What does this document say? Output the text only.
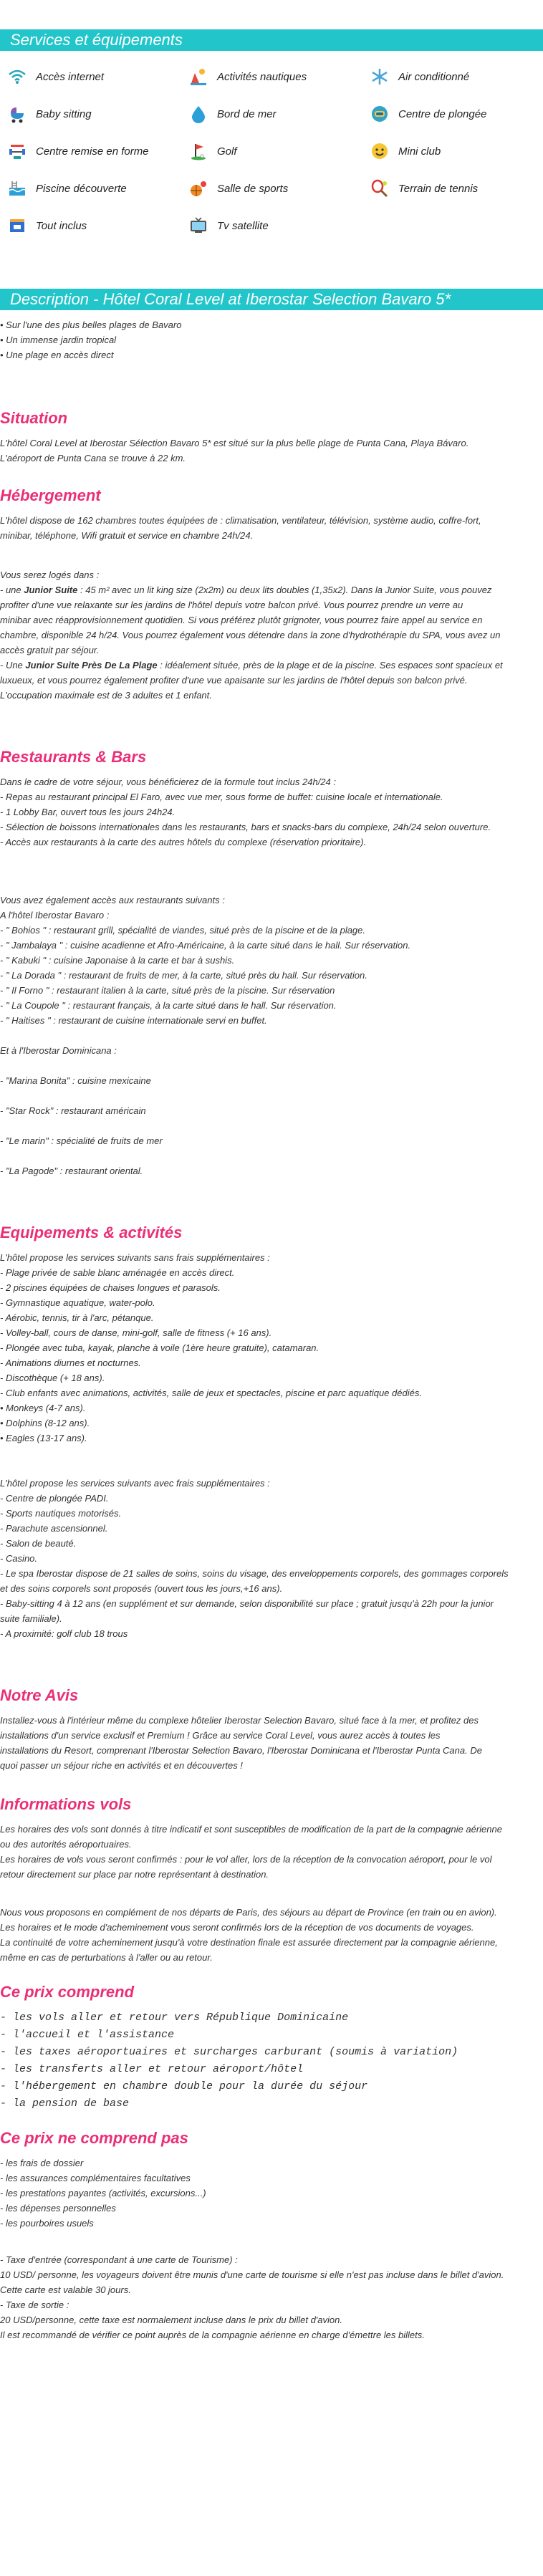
Services et équipements
Accès internet	Activités nautiques	Air conditionné
Baby sitting	Bord de mer	Centre de plongée
Centre remise en forme	Golf	Mini club
Piscine découverte	Salle de sports	Terrain de tennis
Tout inclus	Tv satellite
Description - Hôtel Coral Level at Iberostar Selection Bavaro 5*

• Sur l'une des plus belles plages de Bavaro

• Un immense jardin tropical

• Une plage en accès direct

Situation

L'hôtel Coral Level at Iberostar Sélection Bavaro 5* est situé sur la plus belle plage de Punta Cana, Playa Bávaro.

L'aéroport de Punta Cana se trouve à 22 km.

Hébergement

L'hôtel dispose de 162 chambres toutes équipées de : climatisation, ventilateur, télévision, système audio, coffre-fort,

minibar, téléphone, Wifi gratuit et service en chambre 24h/24.

Vous serez logés dans :

- une Junior Suite : 45 m² avec un lit king size (2x2m) ou deux lits doubles (1,35x2). Dans la Junior Suite, vous pouvez

profiter d'une vue relaxante sur les jardins de l'hôtel depuis votre balcon privé. Vous pourrez prendre un verre au

minibar avec réapprovisionnement quotidien. Si vous préférez plutôt grignoter, vous pourrez faire appel au service en

chambre, disponible 24 h/24. Vous pourrez également vous détendre dans la zone d'hydrothérapie du SPA, vous avez un

accès gratuit par séjour.

- Une Junior Suite Près De La Plage : idéalement située, près de la plage et de la piscine. Ses espaces sont spacieux et

luxueux, et vous pourrez également profiter d'une vue apaisante sur les jardins de l'hôtel depuis son balcon privé.

L'occupation maximale est de 3 adultes et 1 enfant.

Restaurants & Bars

Dans le cadre de votre séjour, vous bénéficierez de la formule tout inclus 24h/24 :

- Repas au restaurant principal El Faro, avec vue mer, sous forme de buffet: cuisine locale et internationale.

- 1 Lobby Bar, ouvert tous les jours 24h24.

- Sélection de boissons internationales dans les restaurants, bars et snacks-bars du complexe, 24h/24 selon ouverture.

- Accès aux restaurants à la carte des autres hôtels du complexe (réservation prioritaire).

Vous avez également accès aux restaurants suivants :

A l'hôtel Iberostar Bavaro :

- " Bohios " : restaurant grill, spécialité de viandes, situé près de la piscine et de la plage.

- " Jambalaya " : cuisine acadienne et Afro-Américaine, à la carte situé dans le hall. Sur réservation.

- " Kabuki " : cuisine Japonaise à la carte et bar à sushis.

- " La Dorada " : restaurant de fruits de mer, à la carte, situé près du hall. Sur réservation.

- " Il Forno " : restaurant italien à la carte, situé près de la piscine. Sur réservation

- " La Coupole " : restaurant français, à la carte situé dans le hall. Sur réservation.

- " Haitises " : restaurant de cuisine internationale servi en buffet.

Et à l'Iberostar Dominicana :

- "Marina Bonita" : cuisine mexicaine

- "Star Rock" : restaurant américain

- "Le marin" : spécialité de fruits de mer

- "La Pagode" : restaurant oriental.

Equipements & activités

L'hôtel propose les services suivants sans frais supplémentaires :

- Plage privée de sable blanc aménagée en accès direct.

- 2 piscines équipées de chaises longues et parasols.

- Gymnastique aquatique, water-polo.

- Aérobic, tennis, tir à l'arc, pétanque.

- Volley-ball, cours de danse, mini-golf, salle de fitness (+ 16 ans).

- Plongée avec tuba, kayak, planche à voile (1ère heure gratuite), catamaran.

- Animations diurnes et nocturnes.

- Discothèque (+ 18 ans).

- Club enfants avec animations, activités, salle de jeux et spectacles, piscine et parc aquatique dédiés.

• Monkeys (4-7 ans).

• Dolphins (8-12 ans).

• Eagles (13-17 ans).

L'hôtel propose les services suivants avec frais supplémentaires :

- Centre de plongée PADI.

- Sports nautiques motorisés.

- Parachute ascensionnel.

- Salon de beauté.

- Casino.

- Le spa Iberostar dispose de 21 salles de soins, soins du visage, des enveloppements corporels, des gommages corporels

et des soins corporels sont proposés (ouvert tous les jours,+16 ans).

- Baby-sitting 4 à 12 ans (en supplément et sur demande, selon disponibilité sur place ; gratuit jusqu'à 22h pour la junior

suite familiale).

- A proximité: golf club 18 trous

Notre Avis

Installez-vous à l'intérieur même du complexe hôtelier Iberostar Selection Bavaro, situé face à la mer, et profitez des

installations d'un service exclusif et Premium ! Grâce au service Coral Level, vous aurez accès à toutes les

installations du Resort, comprenant l'Iberostar Selection Bavaro, l'Iberostar Dominicana et l'Iberostar Punta Cana. De

quoi passer un séjour riche en activités et en découvertes !

Informations vols

Les horaires des vols sont donnés à titre indicatif et sont susceptibles de modification de la part de la compagnie aérienne

ou des autorités aéroportuaires.

Les horaires de vols vous seront confirmés : pour le vol aller, lors de la réception de la convocation aéroport, pour le vol

retour directement sur place par notre représentant à destination.

Nous vous proposons en complément de nos départs de Paris, des séjours au départ de Province (en train ou en avion).

Les horaires et le mode d'acheminement vous seront confirmés lors de la réception de vos documents de voyages.

La continuité de votre acheminement jusqu'à votre destination finale est assurée directement par la compagnie aérienne,

même en cas de perturbations à l'aller ou au retour.

Ce prix comprend

- les vols aller et retour vers République Dominicaine

- l'accueil et l'assistance

- les taxes aéroportuaires et surcharges carburant (soumis à variation)

- les transferts aller et retour aéroport/hôtel

- l'hébergement en chambre double pour la durée du séjour

- la pension de base

Ce prix ne comprend pas

- les frais de dossier

- les assurances complémentaires facultatives

- les prestations payantes (activités, excursions...)

- les dépenses personnelles

- les pourboires usuels

- Taxe d'entrée (correspondant à une carte de Tourisme) :

10 USD/ personne, les voyageurs doivent être munis d'une carte de tourisme si elle n'est pas incluse dans le billet d'avion.

Cette carte est valable 30 jours.

- Taxe de sortie :

20 USD/personne, cette taxe est normalement incluse dans le prix du billet d'avion.

Il est recommandé de vérifier ce point auprès de la compagnie aérienne en charge d'émettre les billets.
